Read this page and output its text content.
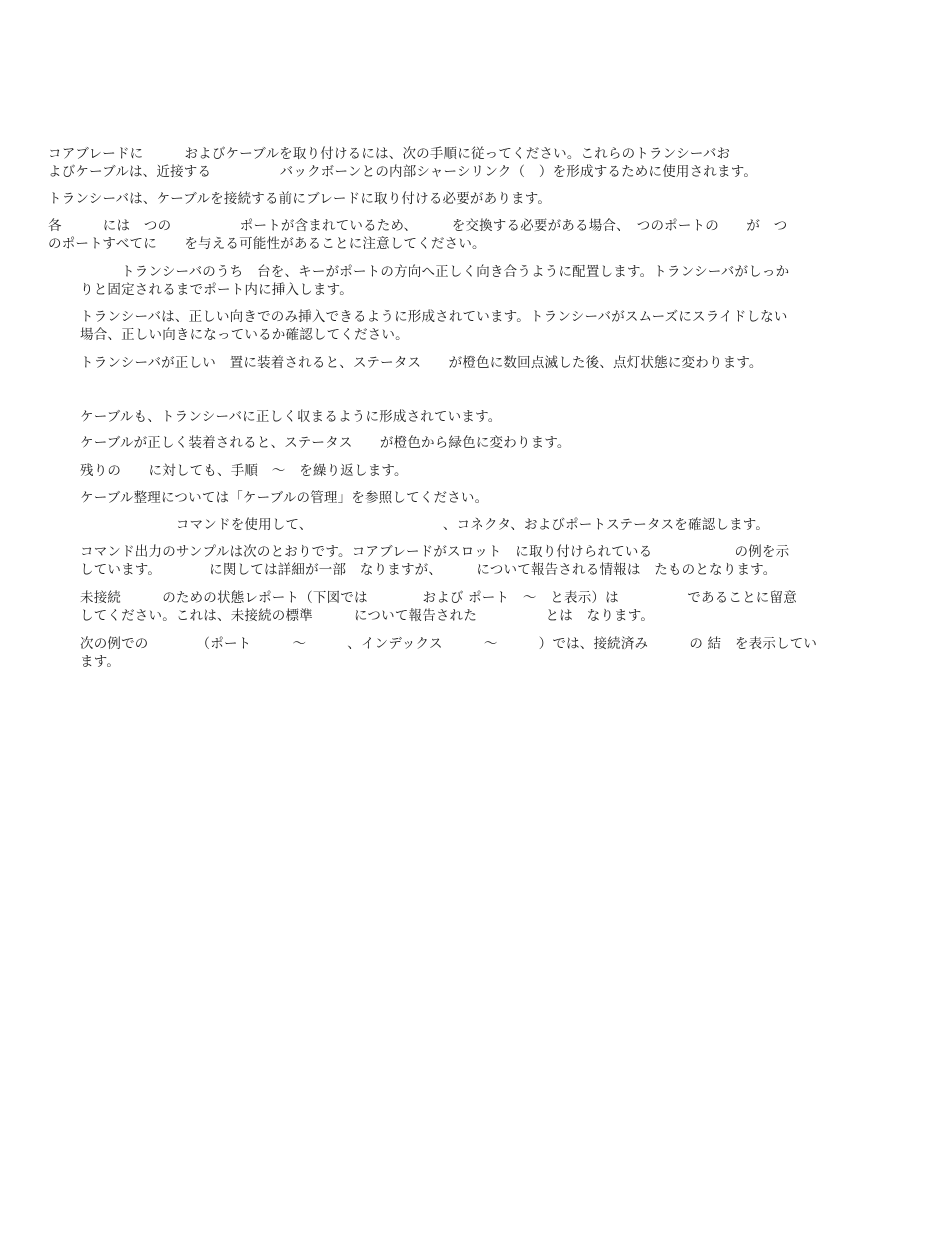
コアブレードに　　　およびケーブルを取り付けるには、次の手順に従ってください。これらのトランシーバお
よびケーブルは、近接する　　　　　バックボーンとの内部シャーシリンク（　）を形成するために使用されます。
トランシーバは、ケーブルを接続する前にブレードに取り付ける必要があります。
各　　　には　つの　　　　　ポートが含まれているため、　　　を交換する必要がある場合、　つのポートの　　が　つ
のポートすべてに　　を与える可能性があることに注意してください。
　　　トランシーバのうち　台を、キーがポートの方向へ正しく向き合うように配置します。トランシーバがしっか
りと固定されるまでポート内に挿入します。
トランシーバは、正しい向きでのみ挿入できるように形成されています。トランシーバがスムーズにスライドしない
場合、正しい向きになっているか確認してください。
トランシーバが正しい　置に装着されると、ステータス　　が橙色に数回点滅した後、点灯状態に変わります。
ケーブルも、トランシーバに正しく収まるように形成されています。
ケーブルが正しく装着されると、ステータス　　が橙色から緑色に変わります。
残りの　　に対しても、手順　～　を繰り返します。
ケーブル整理については「ケーブルの管理」を参照してください。
　　　　　　　コマンドを使用して、　　　　　　　　　　、コネクタ、およびポートステータスを確認します。
コマンド出力のサンプルは次のとおりです。コアブレードがスロット　に取り付けられている　　　　　　の例を示
しています。　　　　に関しては詳細が一部　なりますが、　　　について報告される情報は　たものとなります。
未接続　　　のための状態レポート（下図では　　　　および ポート　～　と表示）は　　　　　であることに留意
してください。これは、未接続の標準　　　について報告された　　　　　とは　なります。
次の例での　　　　（ポート　　　～　　　、インデックス　　　～　　　）では、接続済み　　　の 結　を表示してい
ます。
